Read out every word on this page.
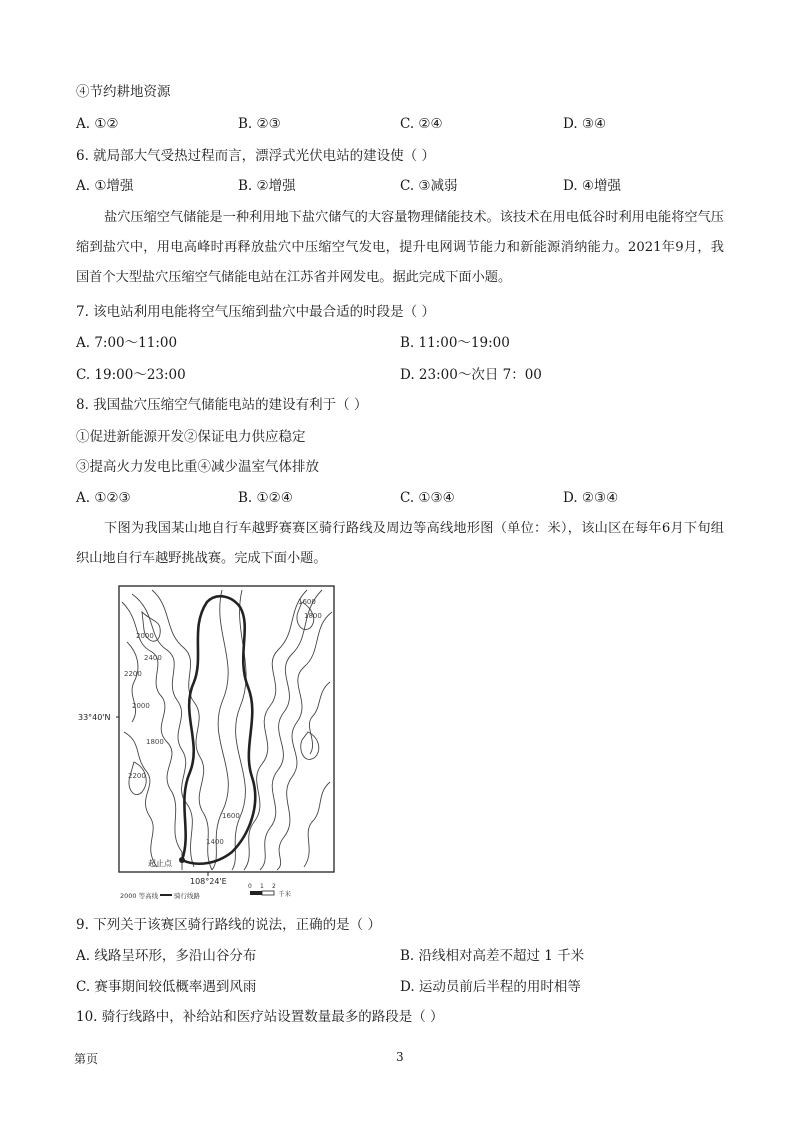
④节约耕地资源
A. ①②	B. ②③	C. ②④	D. ③④
6. 就局部大气受热过程而言，漂浮式光伏电站的建设使（ ）
A. ①增强	B. ②增强	C. ③减弱	D. ④增强
盐穴压缩空气储能是一种利用地下盐穴储气的大容量物理储能技术。该技术在用电低谷时利用电能将空气压缩到盐穴中，用电高峰时再释放盐穴中压缩空气发电，提升电网调节能力和新能源消纳能力。2021年9月，我国首个大型盐穴压缩空气储能电站在江苏省并网发电。据此完成下面小题。
7. 该电站利用电能将空气压缩到盐穴中最合适的时段是（ ）
A. 7:00～11:00	B. 11:00～19:00
C. 19:00～23:00	D. 23:00～次日 7：00
8. 我国盐穴压缩空气储能电站的建设有利于（ ）
①促进新能源开发②保证电力供应稳定
③提高火力发电比重④减少温室气体排放
A. ①②③	B. ①②④	C. ①③④	D. ②③④
下图为我国某山地自行车越野赛赛区骑行路线及周边等高线地形图（单位：米），该山区在每年6月下旬组织山地自行车越野挑战赛。完成下面小题。
2000
2400
2200
2000
1800
2200
1600
1400
1600
1800
起止点
33°40'N
108°24'E
2000 等高线 骑行线路
0 1 2
千米
9. 下列关于该赛区骑行路线的说法，正确的是（ ）
A. 线路呈环形，多沿山谷分布	B. 沿线相对高差不超过 1 千米
C. 赛事期间较低概率遇到风雨	D. 运动员前后半程的用时相等
10. 骑行线路中，补给站和医疗站设置数量最多的路段是（ ）
第页	3
